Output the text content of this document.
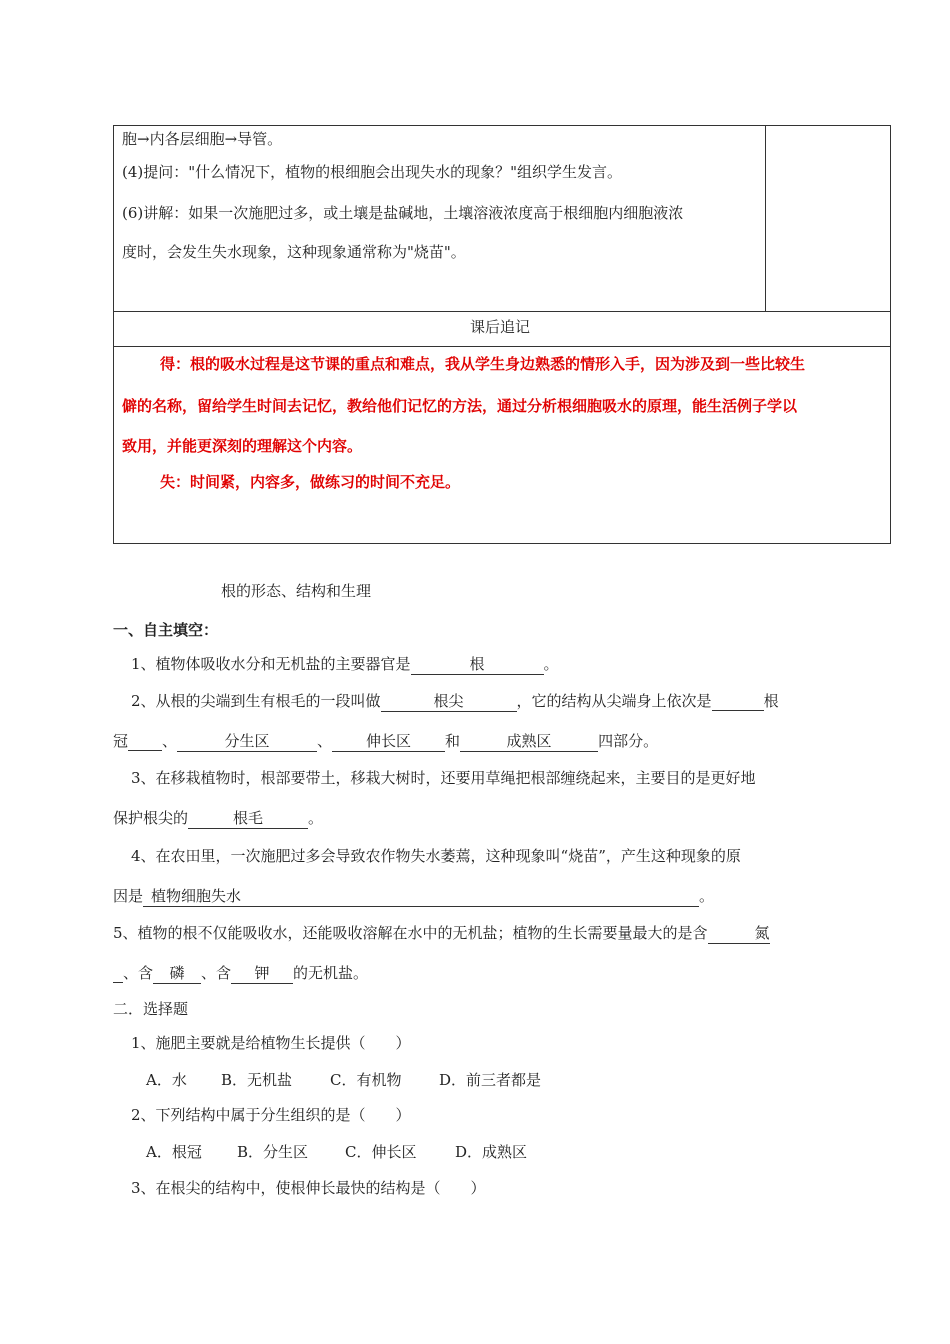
胞→内各层细胞→导管。
(4)提问："什么情况下，植物的根细胞会出现失水的现象？"组织学生发言。
(6)讲解：如果一次施肥过多，或土壤是盐碱地，土壤溶液浓度高于根细胞内细胞液浓
度时，会发生失水现象，这种现象通常称为"烧苗"。
课后追记
得：根的吸水过程是这节课的重点和难点，我从学生身边熟悉的情形入手，因为涉及到一些比较生
僻的名称，留给学生时间去记忆，教给他们记忆的方法，通过分析根细胞吸水的原理，能生活例子学以
致用，并能更深刻的理解这个内容。
失：时间紧，内容多，做练习的时间不充足。
根的形态、结构和生理
一、自主填空：
1、植物体吸收水分和无机盐的主要器官是	根	。
2、从根的尖端到生有根毛的一段叫做	根尖	，它的结构从尖端身上依次是	根
冠 、	分生区	、 伸长区 和	成熟区	四部分。
3、在移栽植物时，根部要带土，移栽大树时，还要用草绳把根部缠绕起来，主要目的是更好地
保护根尖的	根毛	。
4、在农田里，一次施肥过多会导致农作物失水萎蔫，这种现象叫“烧苗”，产生这种现象的原
因是 植物细胞失水	。
5、植物的根不仅能吸收水，还能吸收溶解在水中的无机盐；植物的生长需要量最大的是含	氮
、含 磷 、含 钾 的无机盐。
二．选择题
1、施肥主要就是给植物生长提供（　　）
A．水 B．无机盐	C．有机物	D．前三者都是
2、下列结构中属于分生组织的是（　　）
A．根冠 B．分生区 C．伸长区	D．成熟区
3、在根尖的结构中，使根伸长最快的结构是（　　）
